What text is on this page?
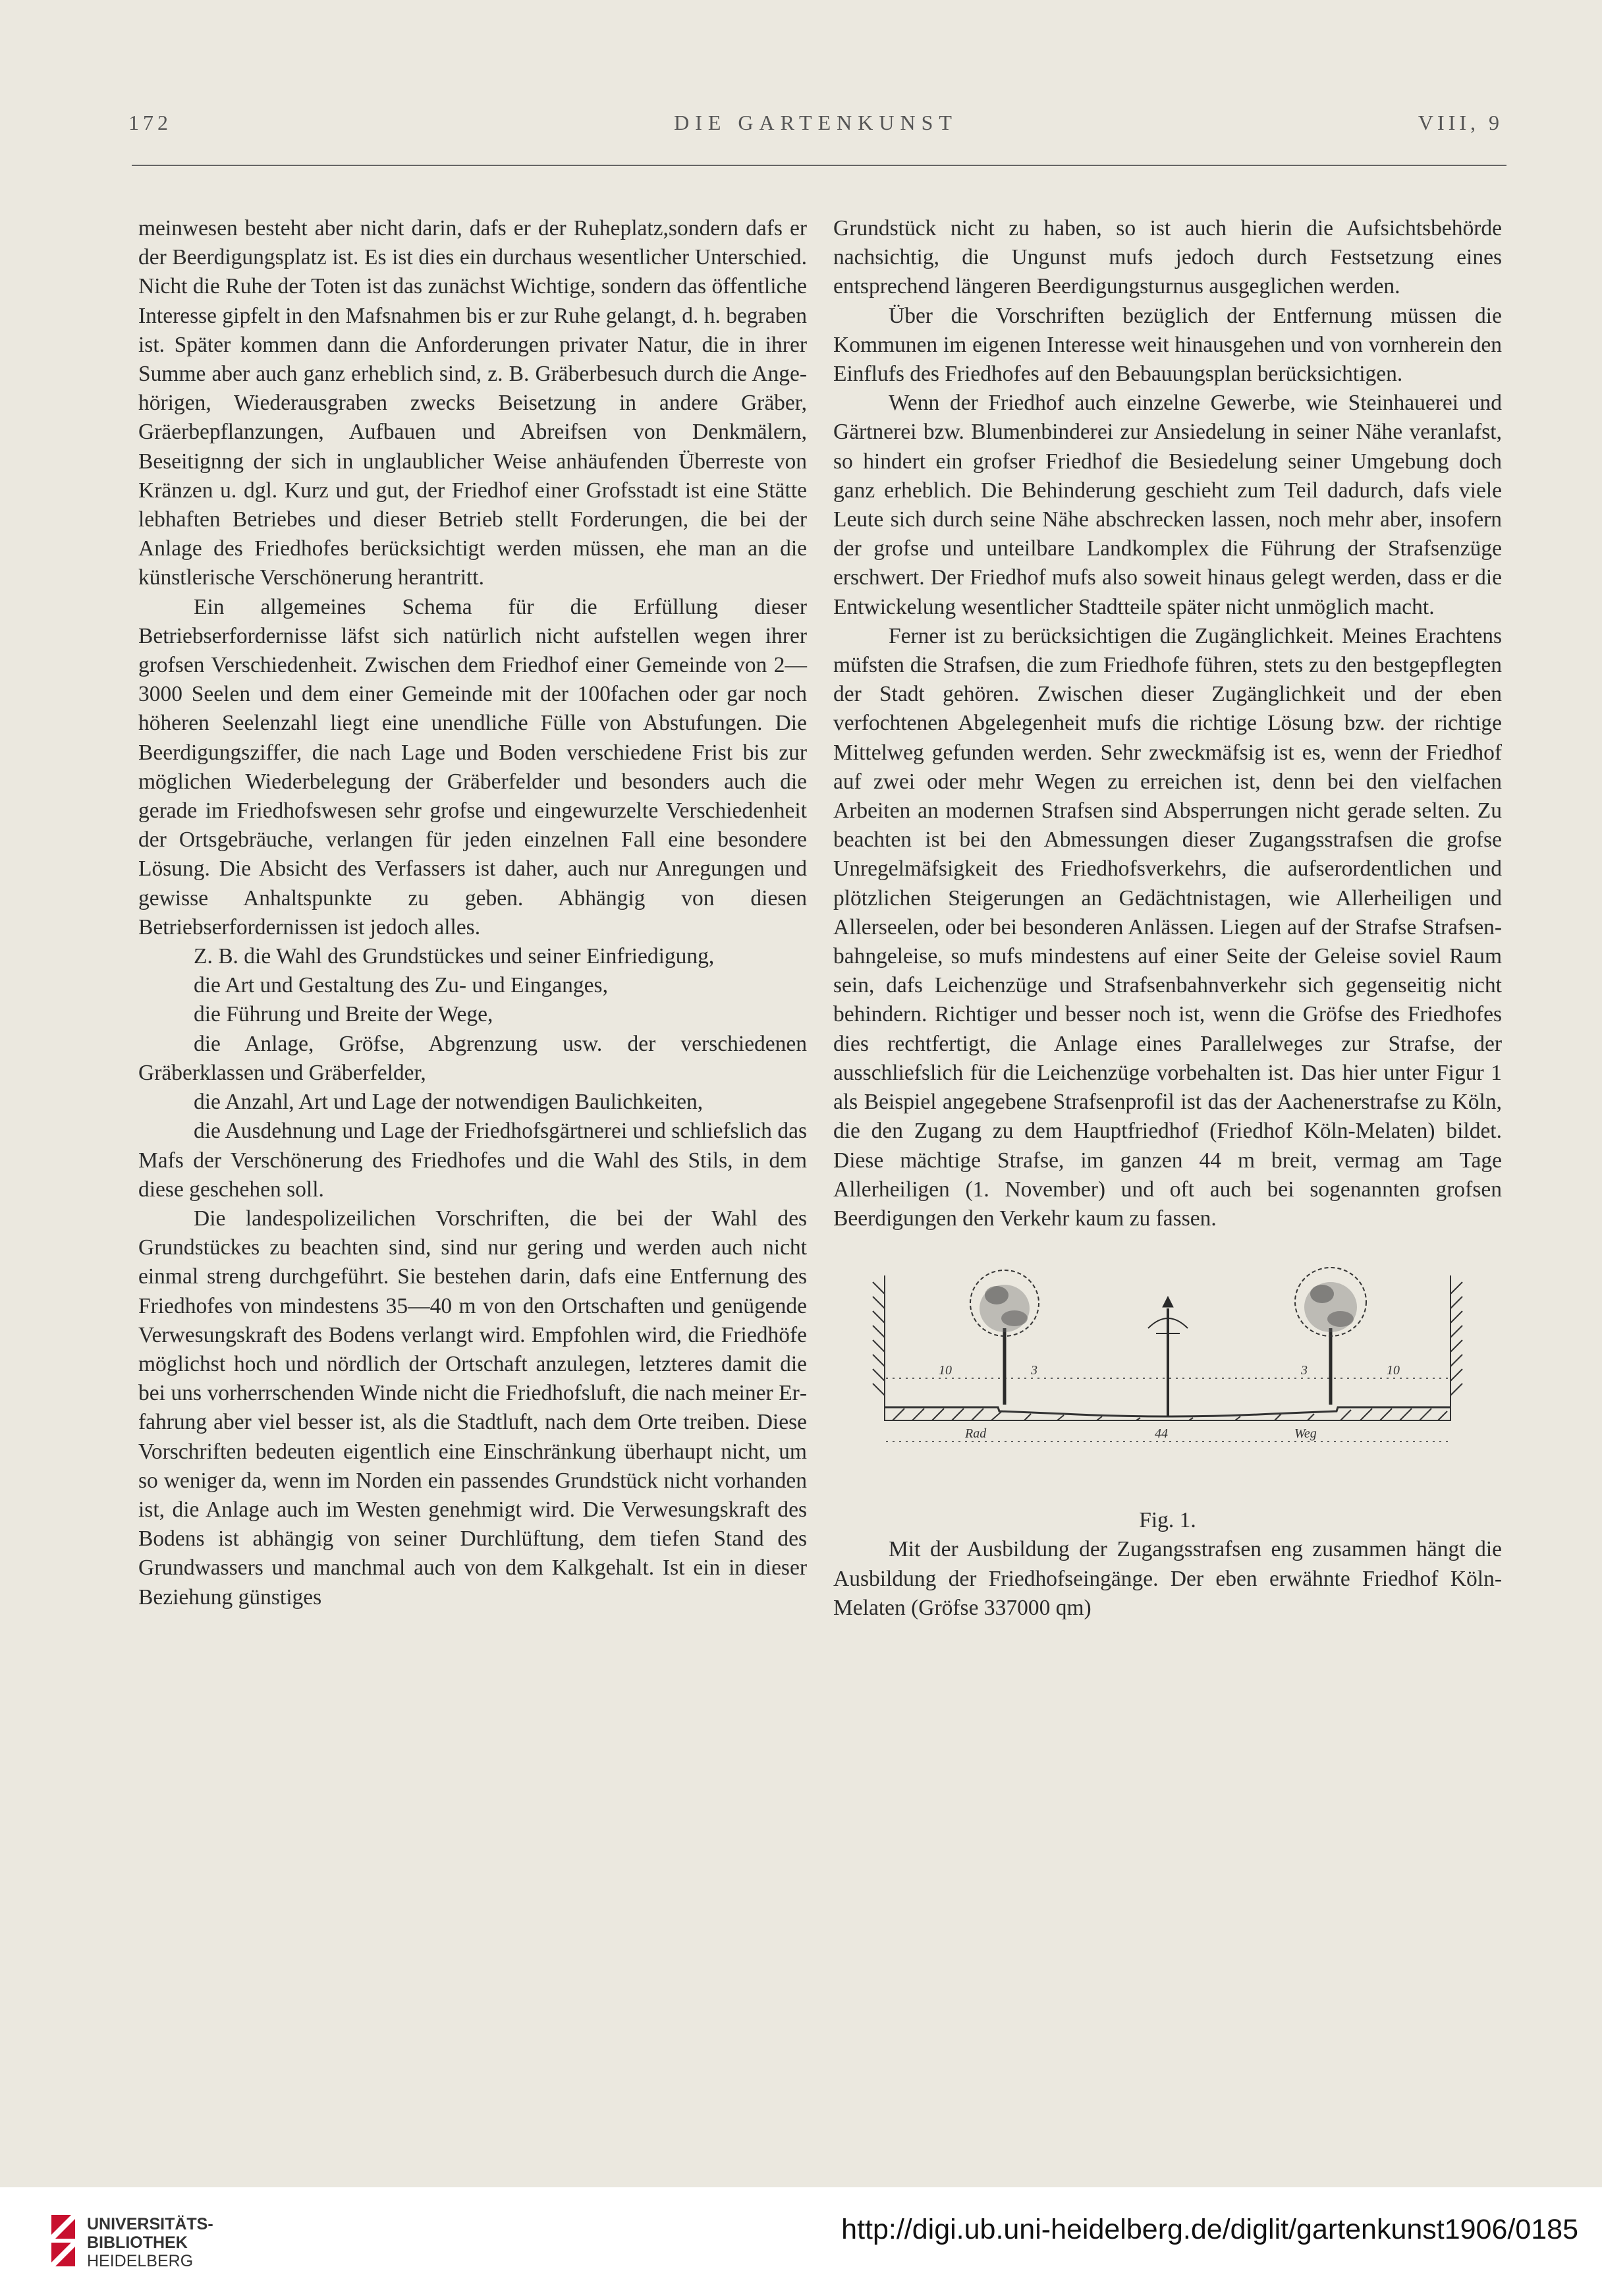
172	DIE GARTENKUNST	VIII, 9

meinwesen besteht aber nicht darin, dafs er der Ruheplatz,sondern dafs er der Beerdigungsplatz ist. Es ist dies ein durchaus wesentlicher Unterschied. Nicht die Ruhe der Toten ist das zunächst Wichtige, sondern das öffentliche Interesse gipfelt in den Mafsnahmen bis er zur Ruhe gelangt, d. h. begraben ist. Später kommen dann die Anforderungen privater Natur, die in ihrer Summe aber auch ganz erheblich sind, z. B. Gräberbesuch durch die Angehörigen, Wiederausgraben zwecks Beisetzung in andere Gräber, Gräerbepflanzungen, Aufbauen und Abreifsen von Denkmälern, Beseitignng der sich in unglaublicher Weise anhäufenden Überreste von Kränzen u. dgl. Kurz und gut, der Friedhof einer Grofsstadt ist eine Stätte lebhaften Betriebes und dieser Betrieb stellt Forderungen, die bei der Anlage des Friedhofes berücksichtigt werden müssen, ehe man an die künstlerische Verschönerung herantritt.

Ein allgemeines Schema für die Erfüllung dieser Betriebserfordernisse läfst sich natürlich nicht aufstellen wegen ihrer grofsen Verschiedenheit. Zwischen dem Friedhof einer Gemeinde von 2—3000 Seelen und dem einer Gemeinde mit der 100fachen oder gar noch höheren Seelenzahl liegt eine unendliche Fülle von Abstufungen. Die Beerdigungsziffer, die nach Lage und Boden verschiedene Frist bis zur möglichen Wiederbelegung der Gräberfelder und besonders auch die gerade im Friedhofswesen sehr grofse und eingewurzelte Verschiedenheit der Ortsgebräuche, verlangen für jeden einzelnen Fall eine besondere Lösung. Die Absicht des Verfassers ist daher, auch nur Anregungen und gewisse Anhaltspunkte zu geben. Abhängig von diesen Betriebserfordernissen ist jedoch alles.

Z. B. die Wahl des Grundstückes und seiner Einfriedigung,

die Art und Gestaltung des Zu- und Einganges,

die Führung und Breite der Wege,

die Anlage, Gröfse, Abgrenzung usw. der verschiedenen Gräberklassen und Gräberfelder,

die Anzahl, Art und Lage der notwendigen Baulichkeiten,

die Ausdehnung und Lage der Friedhofsgärtnerei und schliefslich das Mafs der Verschönerung des Friedhofes und die Wahl des Stils, in dem diese geschehen soll.

Die landespolizeilichen Vorschriften, die bei der Wahl des Grundstückes zu beachten sind, sind nur gering und werden auch nicht einmal streng durchgeführt. Sie bestehen darin, dafs eine Entfernung des Friedhofes von mindestens 35—40 m von den Ortschaften und genügende Verwesungskraft des Bodens verlangt wird. Empfohlen wird, die Friedhöfe möglichst hoch und nördlich der Ortschaft anzulegen, letzteres damit die bei uns vorherrschenden Winde nicht die Friedhofsluft, die nach meiner Erfahrung aber viel besser ist, als die Stadtluft, nach dem Orte treiben. Diese Vorschriften bedeuten eigentlich eine Einschränkung überhaupt nicht, um so weniger da, wenn im Norden ein passendes Grundstück nicht vorhanden ist, die Anlage auch im Westen genehmigt wird. Die Verwesungskraft des Bodens ist abhängig von seiner Durchlüftung, dem tiefen Stand des Grundwassers und manchmal auch von dem Kalkgehalt. Ist ein in dieser Beziehung günstiges

Grundstück nicht zu haben, so ist auch hierin die Aufsichtsbehörde nachsichtig, die Ungunst mufs jedoch durch Festsetzung eines entsprechend längeren Beerdigungsturnus ausgeglichen werden.

Über die Vorschriften bezüglich der Entfernung müssen die Kommunen im eigenen Interesse weit hinausgehen und von vornherein den Einflufs des Friedhofes auf den Bebauungsplan berücksichtigen.

Wenn der Friedhof auch einzelne Gewerbe, wie Steinhauerei und Gärtnerei bzw. Blumenbinderei zur Ansiedelung in seiner Nähe veranlafst, so hindert ein grofser Friedhof die Besiedelung seiner Umgebung doch ganz erheblich. Die Behinderung geschieht zum Teil dadurch, dafs viele Leute sich durch seine Nähe abschrecken lassen, noch mehr aber, insofern der grofse und unteilbare Landkomplex die Führung der Strafsenzüge erschwert. Der Friedhof mufs also soweit hinaus gelegt werden, dass er die Entwickelung wesentlicher Stadtteile später nicht unmöglich macht.

Ferner ist zu berücksichtigen die Zugänglichkeit. Meines Erachtens müfsten die Strafsen, die zum Friedhofe führen, stets zu den bestgepflegten der Stadt gehören. Zwischen dieser Zugänglichkeit und der eben verfochtenen Abgelegenheit mufs die richtige Lösung bzw. der richtige Mittelweg gefunden werden. Sehr zweckmäfsig ist es, wenn der Friedhof auf zwei oder mehr Wegen zu erreichen ist, denn bei den vielfachen Arbeiten an modernen Strafsen sind Absperrungen nicht gerade selten. Zu beachten ist bei den Abmessungen dieser Zugangsstrafsen die grofse Unregelmäfsigkeit des Friedhofsverkehrs, die aufserordentlichen und plötzlichen Steigerungen an Gedächtnistagen, wie Allerheiligen und Allerseelen, oder bei besonderen Anlässen. Liegen auf der Strafse Strafsenbahngeleise, so mufs mindestens auf einer Seite der Geleise soviel Raum sein, dafs Leichenzüge und Strafsenbahnverkehr sich gegenseitig nicht behindern. Richtiger und besser noch ist, wenn die Gröfse des Friedhofes dies rechtfertigt, die Anlage eines Parallelweges zur Strafse, der ausschliefslich für die Leichenzüge vorbehalten ist. Das hier unter Figur 1 als Beispiel angegebene Strafsenprofil ist das der Aachenerstrafse zu Köln, die den Zugang zu dem Hauptfriedhof (Friedhof Köln-Melaten) bildet. Diese mächtige Strafse, im ganzen 44 m breit, vermag am Tage Allerheiligen (1. November) und oft auch bei sogenannten grofsen Beerdigungen den Verkehr kaum zu fassen.

10	10
3	3
Rad	44	Weg

Fig. 1.

Mit der Ausbildung der Zugangsstrafsen eng zusammen hängt die Ausbildung der Friedhofseingänge. Der eben erwähnte Friedhof Köln-Melaten (Gröfse 337000 qm)

UNIVERSITÄTS-
BIBLIOTHEK
HEIDELBERG
http://digi.ub.uni-heidelberg.de/diglit/gartenkunst1906/0185
